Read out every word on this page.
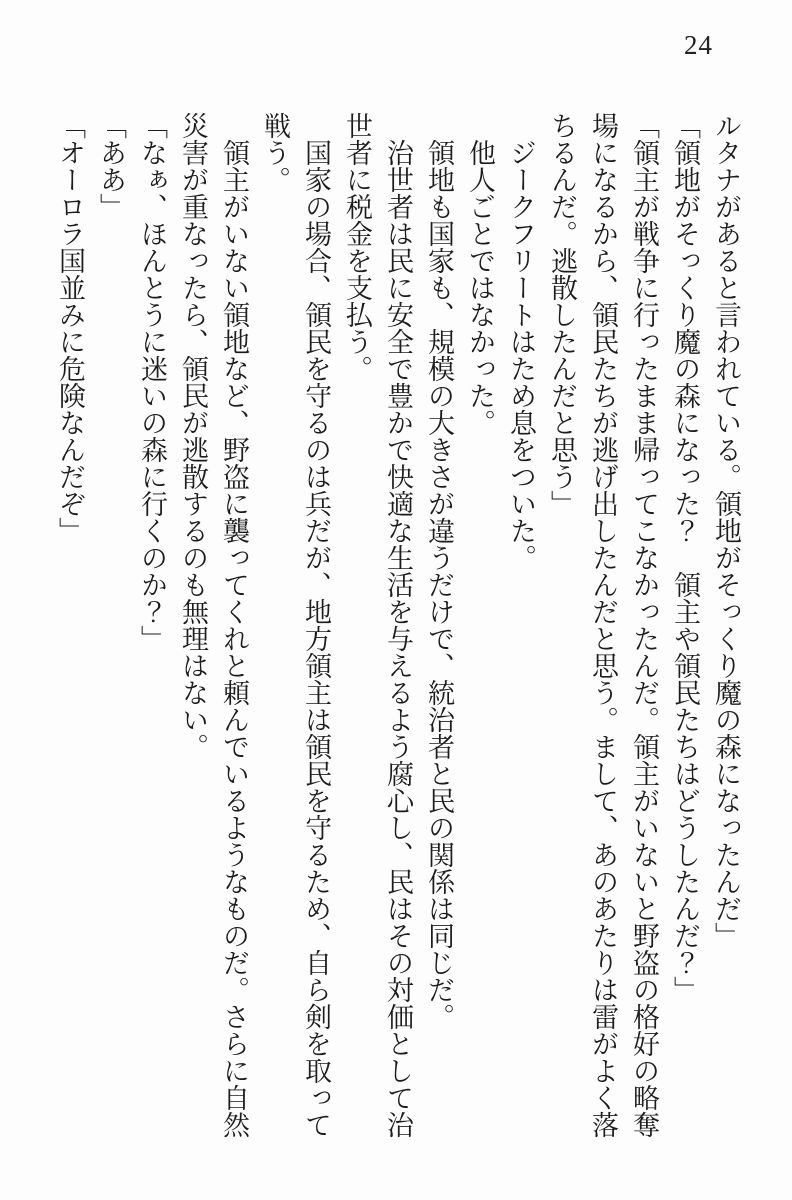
24

ルタナがあると言われている。領地がそっくり魔の森になったんだ」

「領地がそっくり魔の森になった？　領主や領民たちはどうしたんだ？」

「領主が戦争に行ったまま帰ってこなかったんだ。領主がいないと野盗の格好の略奪

場になるから、領民たちが逃げ出したんだと思う。まして、あのあたりは雷がよく落

ちるんだ。逃散したんだと思う」

ジークフリートはため息をついた。

他人ごとではなかった。

領地も国家も、規模の大きさが違うだけで、統治者と民の関係は同じだ。

治世者は民に安全で豊かで快適な生活を与えるよう腐心し、民はその対価として治

世者に税金を支払う。

国家の場合、領民を守るのは兵だが、地方領主は領民を守るため、自ら剣を取って

戦う。

領主がいない領地など、野盗に襲ってくれと頼んでいるようなものだ。さらに自然

災害が重なったら、領民が逃散するのも無理はない。

「なぁ、ほんとうに迷いの森に行くのか？」

「ああ」

「オーロラ国並みに危険なんだぞ」
